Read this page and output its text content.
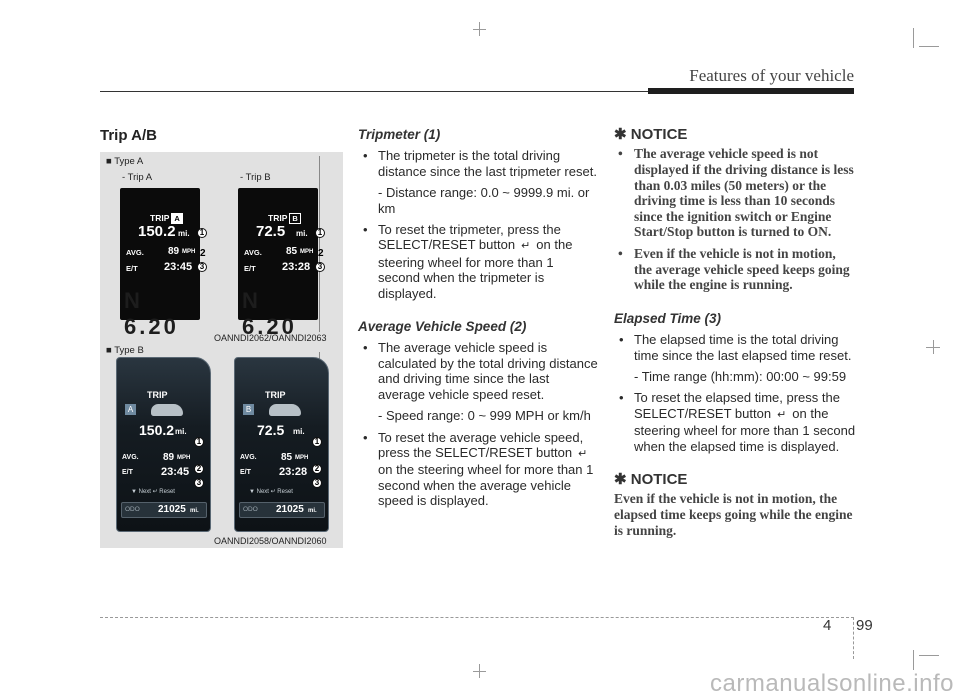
Features of your vehicle
Trip A/B
■ Type A
- Trip A	- Trip B
TRIP A
150.2 mi.
AVG. 89 MPH
E/T 23:45
N 6.20
1
2
3
TRIP B
72.5 mi.
AVG. 85 MPH
E/T 23:28
N 6.20
1
2
3
OANNDI2062/OANNDI2063
■ Type B
A
TRIP
150.2 mi.
AVG. 89 MPH
E/T	23:45
▼ Next ↵ Reset
ODO 21025 mi.
1
2
3
B
TRIP
72.5 mi.
AVG. 85 MPH
E/T	23:28
▼ Next ↵ Reset
ODO 21025 mi.
1
2
3
OANNDI2058/OANNDI2060
Tripmeter (1)
• The tripmeter is the total driving distance since the last tripmeter reset.
- Distance range: 0.0 ~ 9999.9 mi. or km
• To reset the tripmeter, press the SELECT/RESET button ↵ on the steering wheel for more than 1 second when the tripmeter is displayed.
Average Vehicle Speed (2)
• The average vehicle speed is calculated by the total driving distance and driving time since the last average vehicle speed reset.
- Speed range: 0 ~ 999 MPH or km/h
• To reset the average vehicle speed, press the SELECT/RESET button ↵ on the steering wheel for more than 1 second when the average vehicle speed is displayed.
✱ NOTICE
• The average vehicle speed is not displayed if the driving distance is less than 0.03 miles (50 meters) or the driving time is less than 10 seconds since the ignition switch or Engine Start/Stop button is turned to ON.
• Even if the vehicle is not in motion, the average vehicle speed keeps going while the engine is running.
Elapsed Time (3)
• The elapsed time is the total driving time since the last elapsed time reset.
- Time range (hh:mm): 00:00 ~ 99:59
• To reset the elapsed time, press the SELECT/RESET button ↵ on the steering wheel for more than 1 second when the elapsed time is displayed.
✱ NOTICE
Even if the vehicle is not in motion, the elapsed time keeps going while the engine is running.
4 99
carmanualsonline.info
